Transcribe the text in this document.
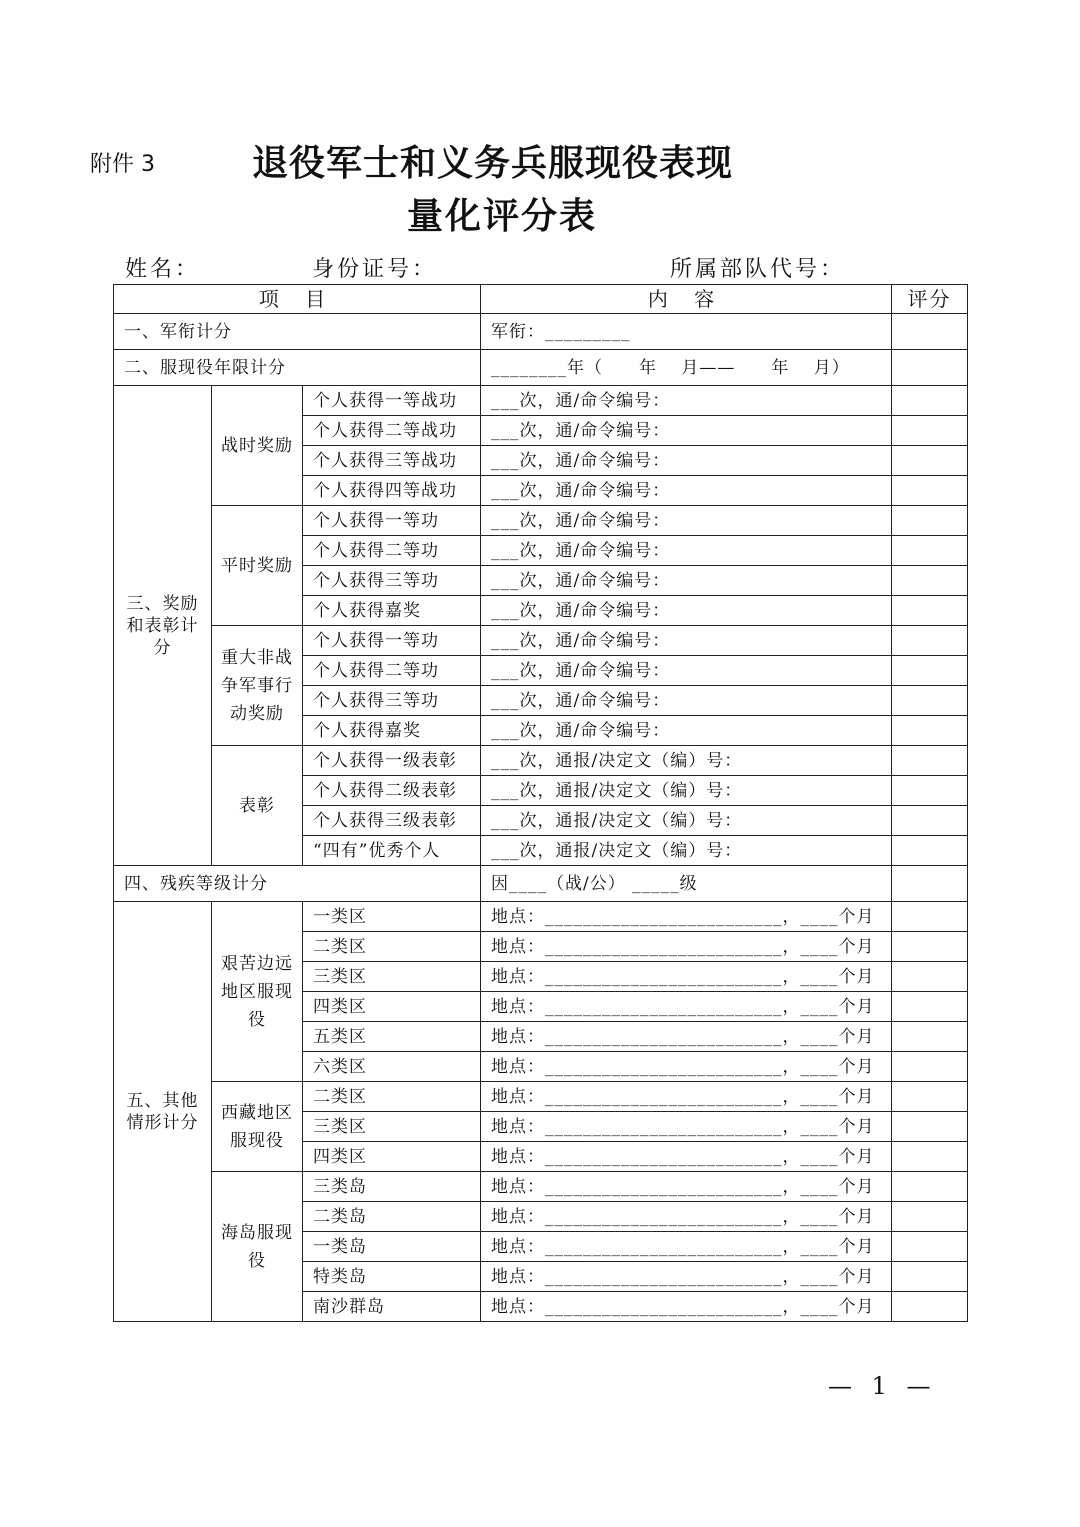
附件 3	退役军士和义务兵服现役表现
量化评分表
姓名：	身份证号：	所属部队代号：
项 目			内 容	评分
一、军衔计分			军衔：_________	
二、服现役年限计分			________年（　　年　 月——　　年　 月）	
三、奖励和表彰计分	战时奖励	个人获得一等战功	___次，通/命令编号：	
		个人获得二等战功	___次，通/命令编号：	
		个人获得三等战功	___次，通/命令编号：	
		个人获得四等战功	___次，通/命令编号：	
	平时奖励	个人获得一等功	___次，通/命令编号：	
		个人获得二等功	___次，通/命令编号：	
		个人获得三等功	___次，通/命令编号：	
		个人获得嘉奖	___次，通/命令编号：	
	重大非战争军事行动奖励	个人获得一等功	___次，通/命令编号：	
		个人获得二等功	___次，通/命令编号：	
		个人获得三等功	___次，通/命令编号：	
		个人获得嘉奖	___次，通/命令编号：	
	表彰	个人获得一级表彰	___次，通报/决定文（编）号：	
		个人获得二级表彰	___次，通报/决定文（编）号：	
		个人获得三级表彰	___次，通报/决定文（编）号：	
		“四有”优秀个人	___次，通报/决定文（编）号：	
四、残疾等级计分			因____（战/公） _____级	
五、其他情形计分	艰苦边远地区服现役	一类区	地点：_________________________，____个月	
		二类区	地点：_________________________，____个月	
		三类区	地点：_________________________，____个月	
		四类区	地点：_________________________，____个月	
		五类区	地点：_________________________，____个月	
		六类区	地点：_________________________，____个月	
	西藏地区服现役	二类区	地点：_________________________，____个月	
		三类区	地点：_________________________，____个月	
		四类区	地点：_________________________，____个月	
	海岛服现役	三类岛	地点：_________________________，____个月	
		二类岛	地点：_________________________，____个月	
		一类岛	地点：_________________________，____个月	
		特类岛	地点：_________________________，____个月	
		南沙群岛	地点：_________________________，____个月	
— 1 —
